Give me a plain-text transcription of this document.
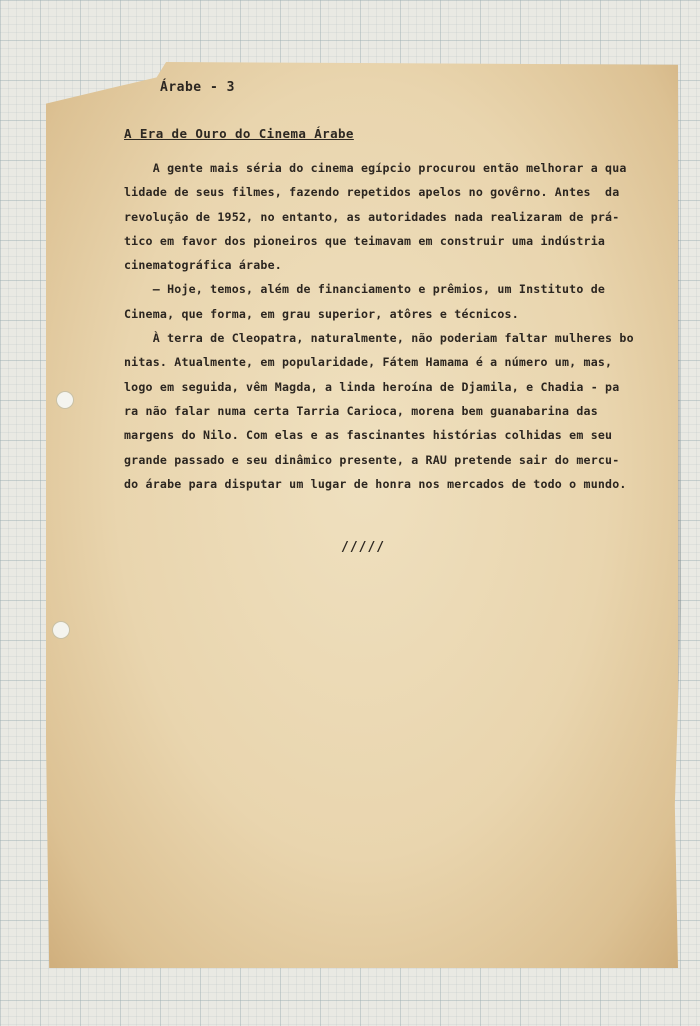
Árabe - 3
A Era de Ouro do Cinema Árabe
A gente mais séria do cinema egípcio procurou então melhorar a qua
lidade de seus filmes, fazendo repetidos apelos no govêrno. Antes  da
revolução de 1952, no entanto, as autoridades nada realizaram de prá-
tico em favor dos pioneiros que teimavam em construir uma indústria
cinematográfica árabe.
— Hoje, temos, além de financiamento e prêmios, um Instituto de
Cinema, que forma, em grau superior, atôres e técnicos.
À terra de Cleopatra, naturalmente, não poderiam faltar mulheres bo
nitas. Atualmente, em popularidade, Fátem Hamama é a número um, mas,
logo em seguida, vêm Magda, a linda heroína de Djamila, e Chadia - pa
ra não falar numa certa Tarria Carioca, morena bem guanabarina das
margens do Nilo. Com elas e as fascinantes histórias colhidas em seu
grande passado e seu dinâmico presente, a RAU pretende sair do mercu-
do árabe para disputar um lugar de honra nos mercados de todo o mundo.
/////
